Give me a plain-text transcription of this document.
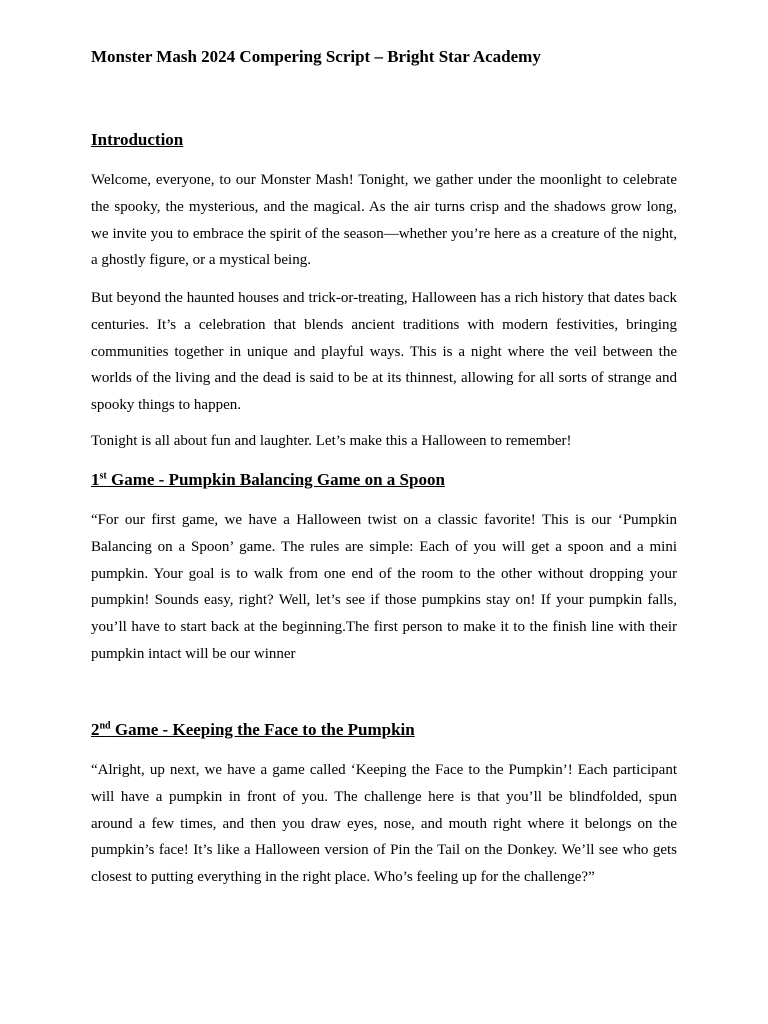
Monster Mash 2024 Compering Script – Bright Star Academy
Introduction

Welcome, everyone, to our Monster Mash! Tonight, we gather under the moonlight to celebrate the spooky, the mysterious, and the magical. As the air turns crisp and the shadows grow long, we invite you to embrace the spirit of the season—whether you’re here as a creature of the night, a ghostly figure, or a mystical being.

But beyond the haunted houses and trick-or-treating, Halloween has a rich history that dates back centuries. It’s a celebration that blends ancient traditions with modern festivities, bringing communities together in unique and playful ways. This is a night where the veil between the worlds of the living and the dead is said to be at its thinnest, allowing for all sorts of strange and spooky things to happen.

Tonight is all about fun and laughter. Let’s make this a Halloween to remember!

1st Game - Pumpkin Balancing Game on a Spoon

“For our first game, we have a Halloween twist on a classic favorite! This is our ‘Pumpkin Balancing on a Spoon’ game. The rules are simple: Each of you will get a spoon and a mini pumpkin. Your goal is to walk from one end of the room to the other without dropping your pumpkin! Sounds easy, right? Well, let’s see if those pumpkins stay on! If your pumpkin falls, you’ll have to start back at the beginning.The first person to make it to the finish line with their pumpkin intact will be our winner

2nd Game - Keeping the Face to the Pumpkin

“Alright, up next, we have a game called ‘Keeping the Face to the Pumpkin’! Each participant will have a pumpkin in front of you. The challenge here is that you’ll be blindfolded, spun around a few times, and then you draw eyes, nose, and mouth right where it belongs on the pumpkin’s face! It’s like a Halloween version of Pin the Tail on the Donkey. We’ll see who gets closest to putting everything in the right place. Who’s feeling up for the challenge?”
